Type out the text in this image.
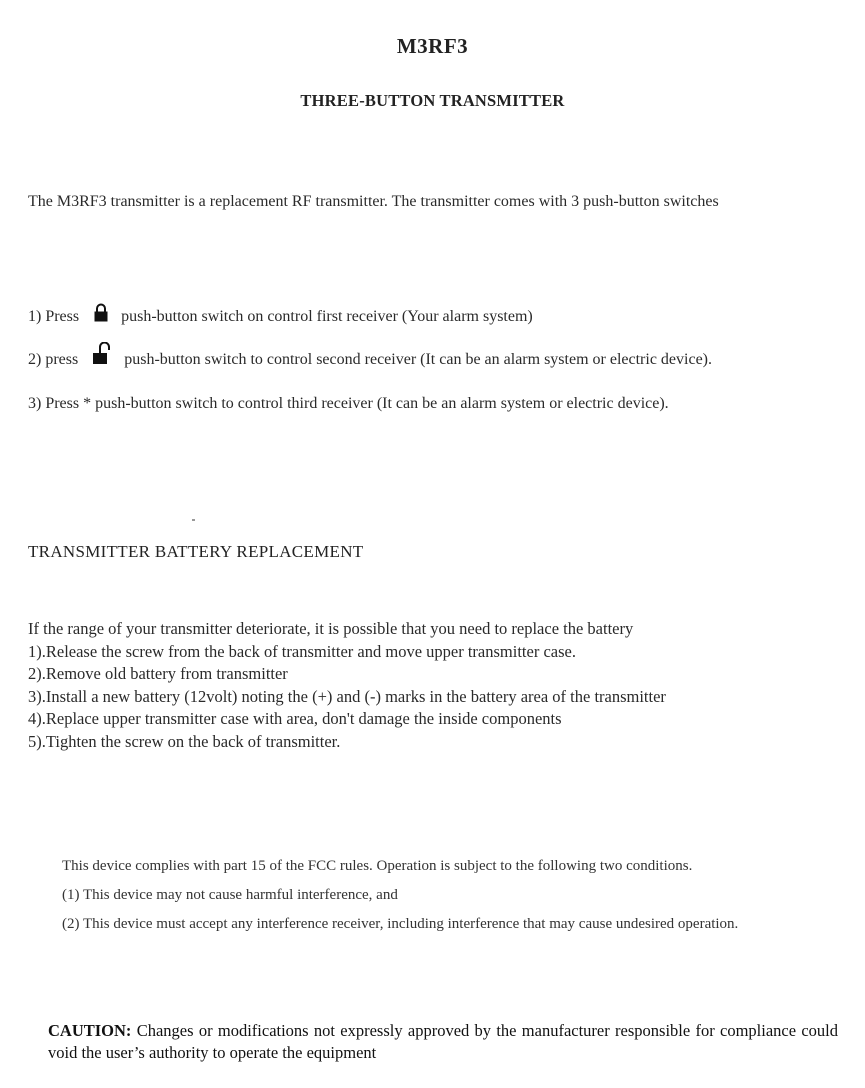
M3RF3
THREE-BUTTON TRANSMITTER
The M3RF3 transmitter is a replacement RF transmitter. The transmitter comes with 3 push-button switches
1) Press	push-button switch on control first receiver (Your alarm system)
2) press	push-button switch to control second receiver (It can be an alarm system or electric device).
3) Press * push-button switch to control third receiver (It can be an alarm system or electric device).
TRANSMITTER BATTERY REPLACEMENT

If the range of your transmitter deteriorate, it is possible that you need to replace the battery

1).Release the screw from the back of transmitter and move upper transmitter case.

2).Remove old battery from transmitter

3).Install a new battery (12volt) noting the (+) and (-) marks in the battery area of the transmitter

4).Replace upper transmitter case with area, don't damage the inside components

5).Tighten the screw on the back of transmitter.

This device complies with part 15 of the FCC rules. Operation is subject to the following two conditions.

(1) This device may not cause harmful interference, and

(2) This device must accept any interference receiver, including interference that may cause undesired operation.

CAUTION: Changes or modifications not expressly approved by the manufacturer responsible for compliance could void the user’s authority to operate the equipment
